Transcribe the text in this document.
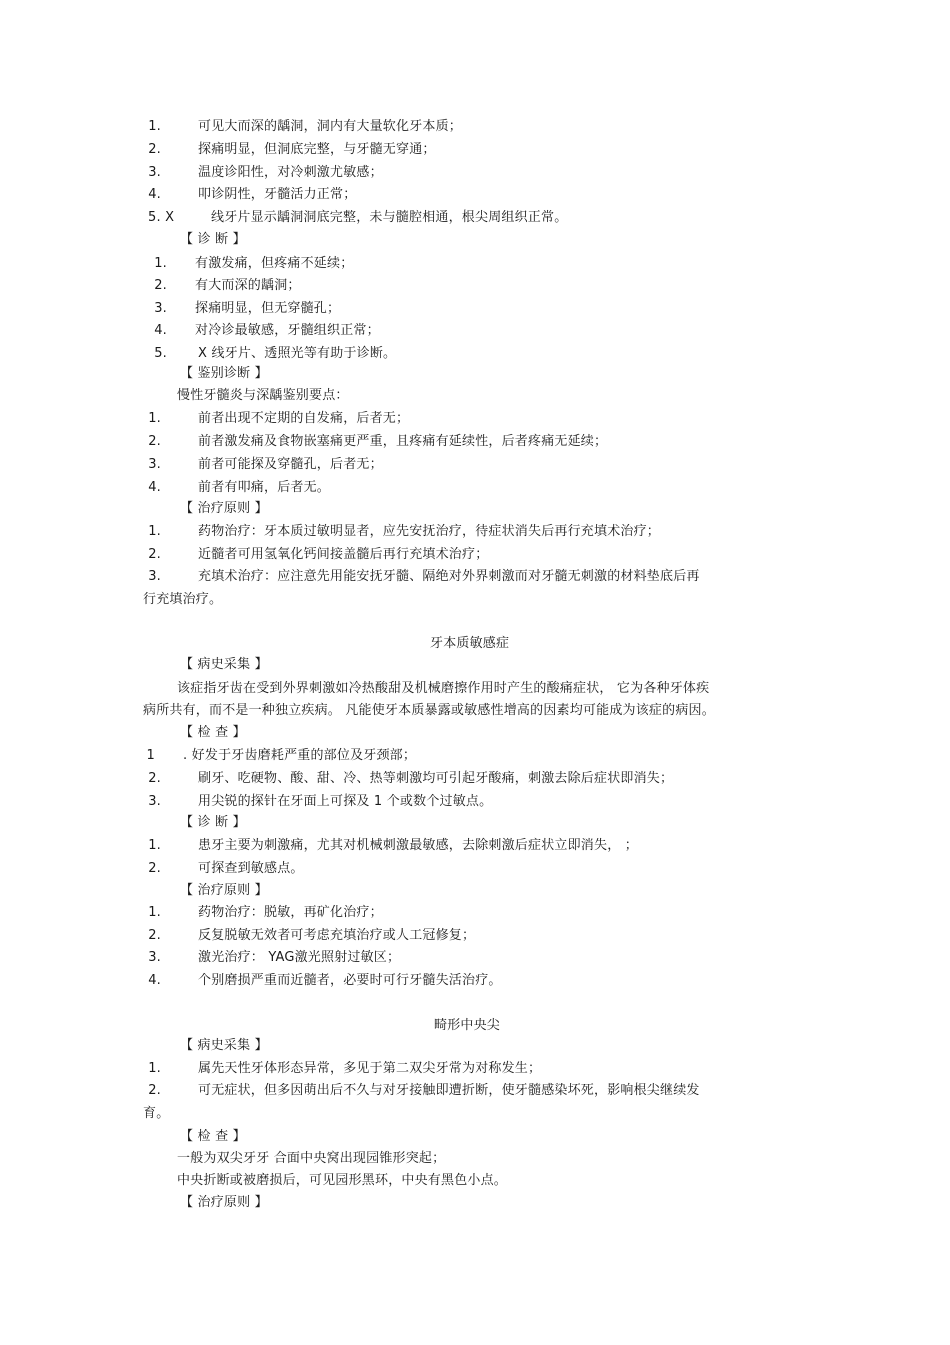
1.	可见大而深的龋洞，洞内有大量软化牙本质；
2.	探痛明显，但洞底完整，与牙髓无穿通；
3.	温度诊阳性，对冷刺激尤敏感；
4.	叩诊阴性，牙髓活力正常；
5. X	线牙片显示龋洞洞底完整，未与髓腔相通，根尖周组织正常。
【 诊 断 】
1. 有激发痛，但疼痛不延续；
2. 有大而深的龋洞；
3. 探痛明显，但无穿髓孔；
4. 对冷诊最敏感，牙髓组织正常；
5. X 线牙片、透照光等有助于诊断。
【 鉴别诊断 】
慢性牙髓炎与深龋鉴别要点：
1.	前者出现不定期的自发痛，后者无；
2.	前者激发痛及食物嵌塞痛更严重，且疼痛有延续性，后者疼痛无延续；
3.	前者可能探及穿髓孔，后者无；
4.	前者有叩痛，后者无。
【 治疗原则 】
1.	药物治疗：牙本质过敏明显者，应先安抚治疗，待症状消失后再行充填术治疗；
2.	近髓者可用氢氧化钙间接盖髓后再行充填术治疗；
3.	充填术治疗：应注意先用能安抚牙髓、隔绝对外界刺激而对牙髓无刺激的材料垫底后再
行充填治疗。
牙本质敏感症
【 病史采集 】
该症指牙齿在受到外界刺激如冷热酸甜及机械磨擦作用时产生的酸痛症状， 它为各种牙体疾
病所共有，而不是一种独立疾病。 凡能使牙本质暴露或敏感性增高的因素均可能成为该症的病因。
【 检 查 】
1 . 好发于牙齿磨耗严重的部位及牙颈部；
2.	刷牙、吃硬物、酸、甜、冷、热等刺激均可引起牙酸痛，刺激去除后症状即消失；
3.	用尖锐的探针在牙面上可探及 1 个或数个过敏点。
【 诊 断 】
1.	患牙主要为刺激痛，尤其对机械刺激最敏感，去除刺激后症状立即消失， ；
2.	可探查到敏感点。
【 治疗原则 】
1.	药物治疗：脱敏，再矿化治疗；
2.	反复脱敏无效者可考虑充填治疗或人工冠修复；
3.	激光治疗： YAG激光照射过敏区；
4.	个别磨损严重而近髓者，必要时可行牙髓失活治疗。
畸形中央尖
【 病史采集 】
1.	属先天性牙体形态异常，多见于第二双尖牙常为对称发生；
2.	可无症状，但多因萌出后不久与对牙接触即遭折断，使牙髓感染坏死，影响根尖继续发
育。
【 检 查 】
一般为双尖牙牙 合面中央窝出现园锥形突起；
中央折断或被磨损后，可见园形黑环，中央有黑色小点。
【 治疗原则 】
